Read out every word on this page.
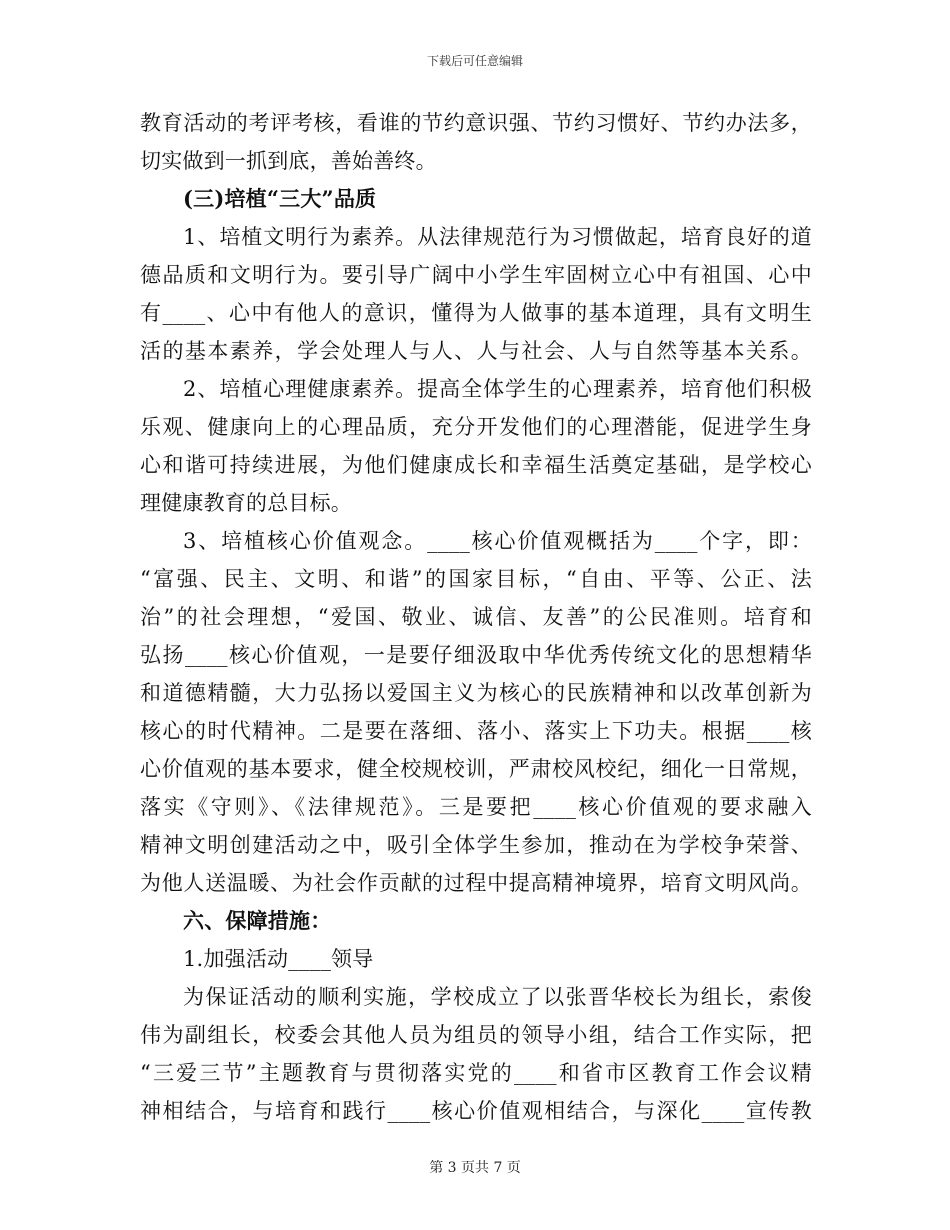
下载后可任意编辑
教育活动的考评考核，看谁的节约意识强、节约习惯好、节约办法多，
切实做到一抓到底，善始善终。
(三)培植“三大”品质
1、培植文明行为素养。从法律规范行为习惯做起，培育良好的道
德品质和文明行为。要引导广阔中小学生牢固树立心中有祖国、心中
有____、心中有他人的意识，懂得为人做事的基本道理，具有文明生
活的基本素养，学会处理人与人、人与社会、人与自然等基本关系。
2、培植心理健康素养。提高全体学生的心理素养，培育他们积极
乐观、健康向上的心理品质，充分开发他们的心理潜能，促进学生身
心和谐可持续进展，为他们健康成长和幸福生活奠定基础，是学校心
理健康教育的总目标。
3、培植核心价值观念。____核心价值观概括为____个字，即：
“富强、民主、文明、和谐”的国家目标，“自由、平等、公正、法
治”的社会理想，“爱国、敬业、诚信、友善”的公民准则。培育和
弘扬____核心价值观，一是要仔细汲取中华优秀传统文化的思想精华
和道德精髓，大力弘扬以爱国主义为核心的民族精神和以改革创新为
核心的时代精神。二是要在落细、落小、落实上下功夫。根据____核
心价值观的基本要求，健全校规校训，严肃校风校纪，细化一日常规，
落实《守则》、《法律规范》。三是要把____核心价值观的要求融入
精神文明创建活动之中，吸引全体学生参加，推动在为学校争荣誉、
为他人送温暖、为社会作贡献的过程中提高精神境界，培育文明风尚。
六、保障措施：
1.加强活动____领导
为保证活动的顺利实施，学校成立了以张晋华校长为组长，索俊
伟为副组长，校委会其他人员为组员的领导小组，结合工作实际，把
“三爱三节”主题教育与贯彻落实党的____和省市区教育工作会议精
神相结合，与培育和践行____核心价值观相结合，与深化____宣传教
第 3 页共 7 页
